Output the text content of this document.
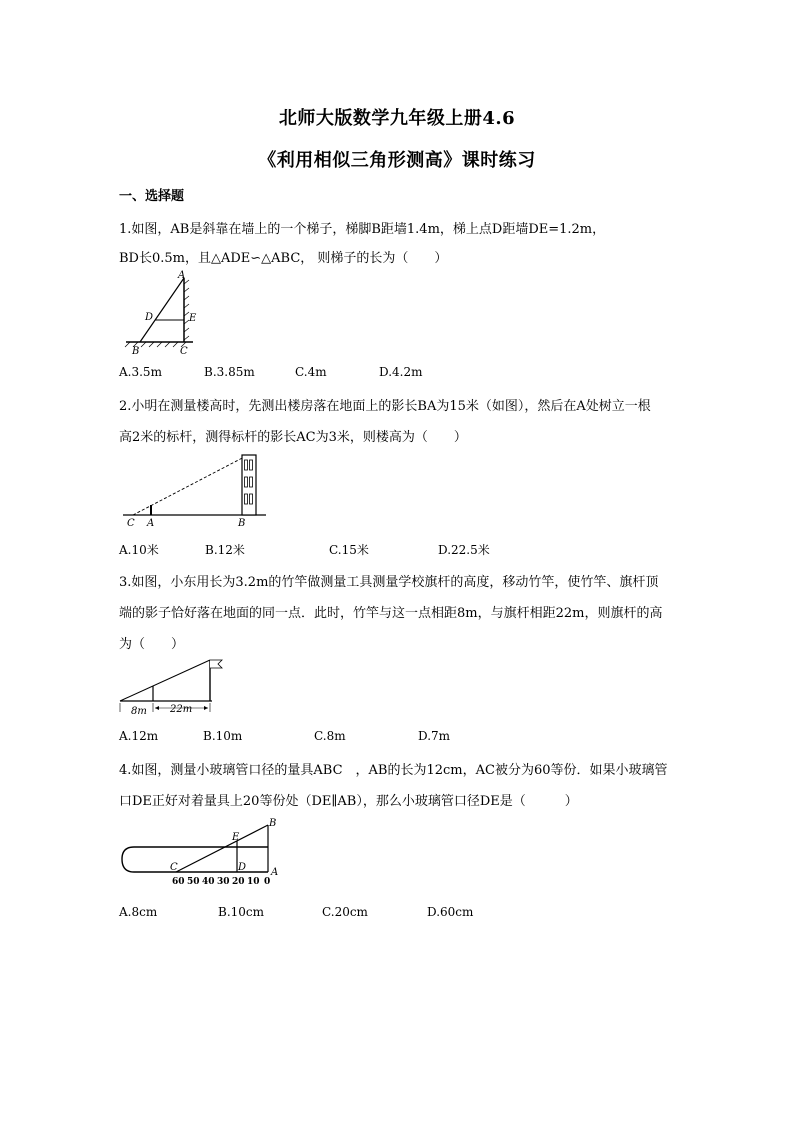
北师大版数学九年级上册4.6
《利用相似三角形测高》课时练习
一、选择题
1.如图，AB是斜靠在墙上的一个梯子，梯脚B距墙1.4m，梯上点D距墙DE=1.2m，
BD长0.5m，且△ADE∽△ABC， 则梯子的长为（　　）
A
D	E
B	C
A.3.5m	B.3.85m	C.4m	D.4.2m
2.小明在测量楼高时，先测出楼房落在地面上的影长BA为15米（如图），然后在A处树立一根
高2米的标杆，测得标杆的影长AC为3米，则楼高为（　　）
C A	B
A.10米	B.12米	C.15米	D.22.5米
3.如图，小东用长为3.2m的竹竿做测量工具测量学校旗杆的高度，移动竹竿，使竹竿、旗杆顶
端的影子恰好落在地面的同一点．此时，竹竿与这一点相距8m，与旗杆相距22m，则旗杆的高
为（　　）
8m 22m
A.12m	B.10m	C.8m	D.7m
4.如图，测量小玻璃管口径的量具ABC　，AB的长为12cm，AC被分为60等份．如果小玻璃管
口DE正好对着量具上20等份处（DE∥AB），那么小玻璃管口径DE是（　　　）
B
E
D
C	A
60 50 40 30 20 10 0
A.8cm	B.10cm	C.20cm	D.60cm
